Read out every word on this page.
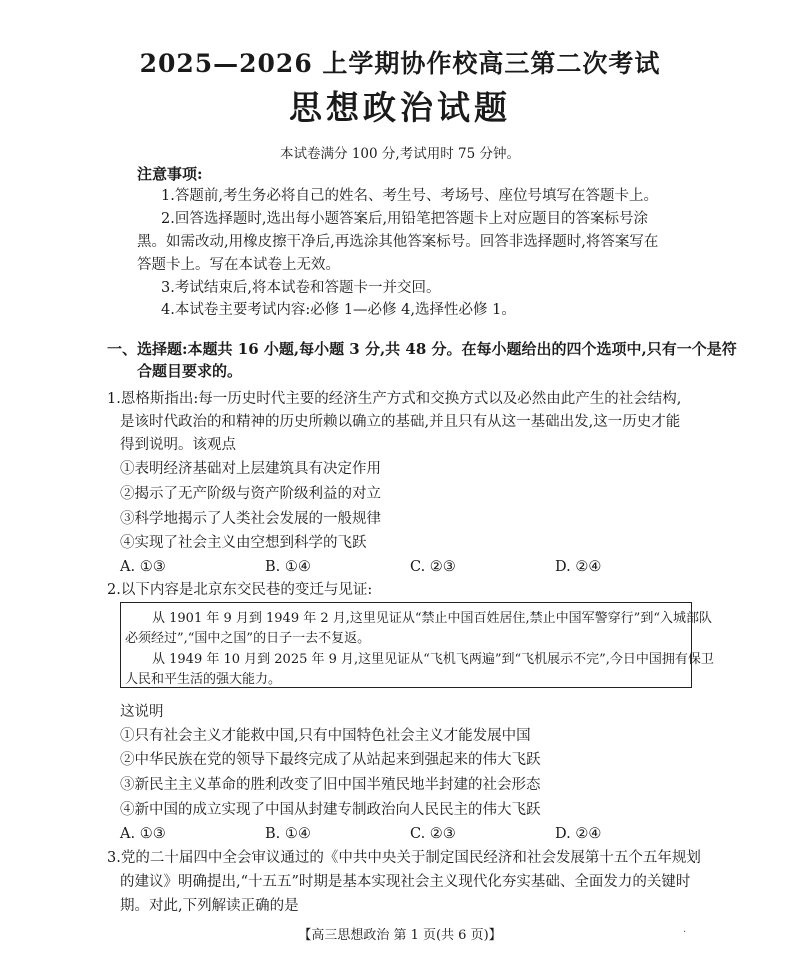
2025—2026 上学期协作校高三第二次考试
思想政治试题
本试卷满分 100 分,考试用时 75 分钟。
注意事项:
1.答题前,考生务必将自己的姓名、考生号、考场号、座位号填写在答题卡上。
2.回答选择题时,选出每小题答案后,用铅笔把答题卡上对应题目的答案标号涂
黑。如需改动,用橡皮擦干净后,再选涂其他答案标号。回答非选择题时,将答案写在
答题卡上。写在本试卷上无效。
3.考试结束后,将本试卷和答题卡一并交回。
4.本试卷主要考试内容:必修 1—必修 4,选择性必修 1。
一、选择题:本题共 16 小题,每小题 3 分,共 48 分。在每小题给出的四个选项中,只有一个是符
合题目要求的。
1.恩格斯指出:每一历史时代主要的经济生产方式和交换方式以及必然由此产生的社会结构,
是该时代政治的和精神的历史所赖以确立的基础,并且只有从这一基础出发,这一历史才能
得到说明。该观点
①表明经济基础对上层建筑具有决定作用
②揭示了无产阶级与资产阶级利益的对立
③科学地揭示了人类社会发展的一般规律
④实现了社会主义由空想到科学的飞跃
A. ①③	B. ①④	C. ②③	D. ②④
2.以下内容是北京东交民巷的变迁与见证:
从 1901 年 9 月到 1949 年 2 月,这里见证从“禁止中国百姓居住,禁止中国军警穿行”到“入城部队
必须经过”,“国中之国”的日子一去不复返。
从 1949 年 10 月到 2025 年 9 月,这里见证从“飞机飞两遍”到“飞机展示不完”,今日中国拥有保卫
人民和平生活的强大能力。
这说明
①只有社会主义才能救中国,只有中国特色社会主义才能发展中国
②中华民族在党的领导下最终完成了从站起来到强起来的伟大飞跃
③新民主主义革命的胜利改变了旧中国半殖民地半封建的社会形态
④新中国的成立实现了中国从封建专制政治向人民民主的伟大飞跃
A. ①③	B. ①④	C. ②③	D. ②④
3.党的二十届四中全会审议通过的《中共中央关于制定国民经济和社会发展第十五个五年规划
的建议》明确提出,“十五五”时期是基本实现社会主义现代化夯实基础、全面发力的关键时
期。对此,下列解读正确的是
【高三思想政治 第 1 页(共 6 页)】	·
